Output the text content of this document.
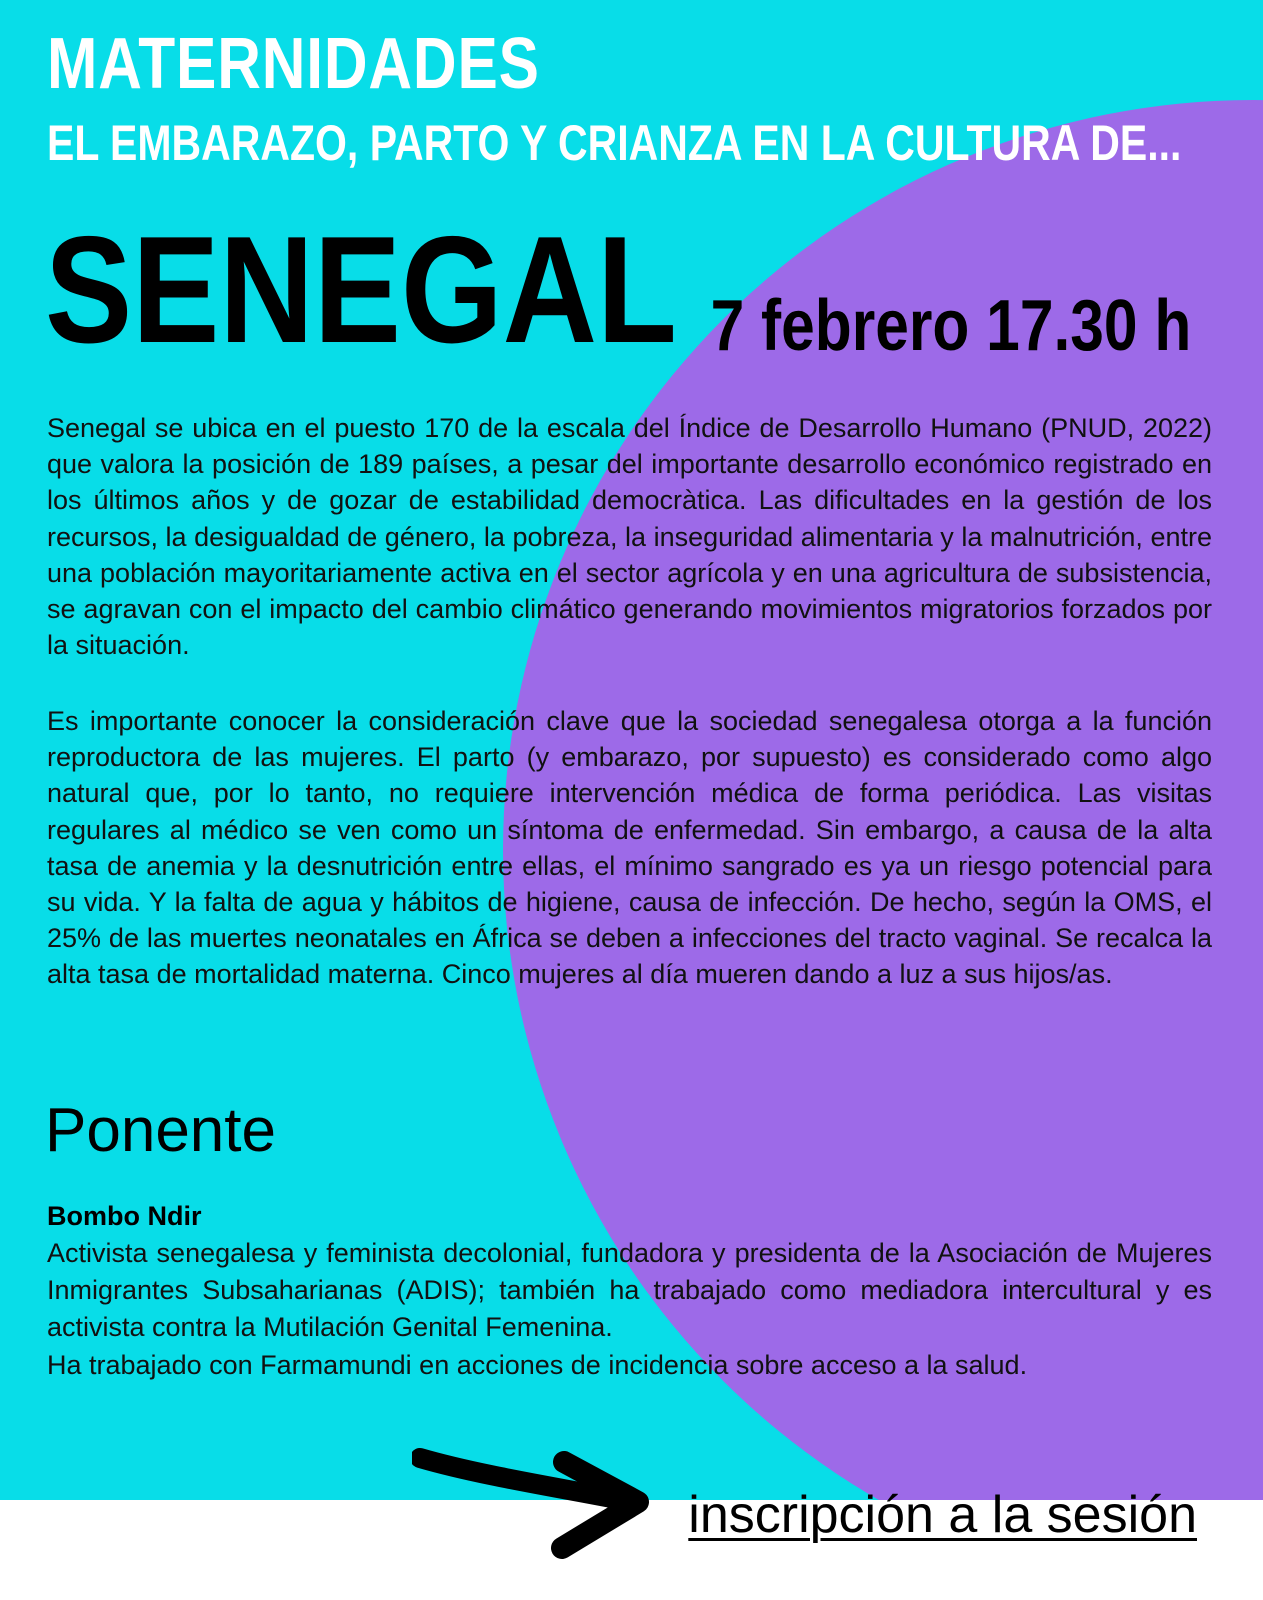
MATERNIDADES
EL EMBARAZO, PARTO Y CRIANZA EN LA CULTURA DE...
SENEGAL 7 febrero 17.30 h

Senegal se ubica en el puesto 170 de la escala del Índice de Desarrollo Humano (PNUD, 2022) que valora la posición de 189 países, a pesar del importante desarrollo económico registrado en los últimos años y de gozar de estabilidad democràtica. Las dificultades en la gestión de los recursos, la desigualdad de género, la pobreza, la inseguridad alimentaria y la malnutrición, entre una población mayoritariamente activa en el sector agrícola y en una agricultura de subsistencia, se agravan con el impacto del cambio climático generando movimientos migratorios forzados por la situación.

Es importante conocer la consideración clave que la sociedad senegalesa otorga a la función reproductora de las mujeres. El parto (y embarazo, por supuesto) es considerado como algo natural que, por lo tanto, no requiere intervención médica de forma periódica. Las visitas regulares al médico se ven como un síntoma de enfermedad. Sin embargo, a causa de la alta tasa de anemia y la desnutrición entre ellas, el mínimo sangrado es ya un riesgo potencial para su vida. Y la falta de agua y hábitos de higiene, causa de infección. De hecho, según la OMS, el 25% de las muertes neonatales en África se deben a infecciones del tracto vaginal. Se recalca la alta tasa de mortalidad materna. Cinco mujeres al día mueren dando a luz a sus hijos/as.

Ponente
Bombo Ndir

Activista senegalesa y feminista decolonial, fundadora y presidenta de la Asociación de Mujeres Inmigrantes Subsaharianas (ADIS); también ha trabajado como mediadora intercultural y es activista contra la Mutilación Genital Femenina.

Ha trabajado con Farmamundi en acciones de incidencia sobre acceso a la salud.
inscripción a la sesión
